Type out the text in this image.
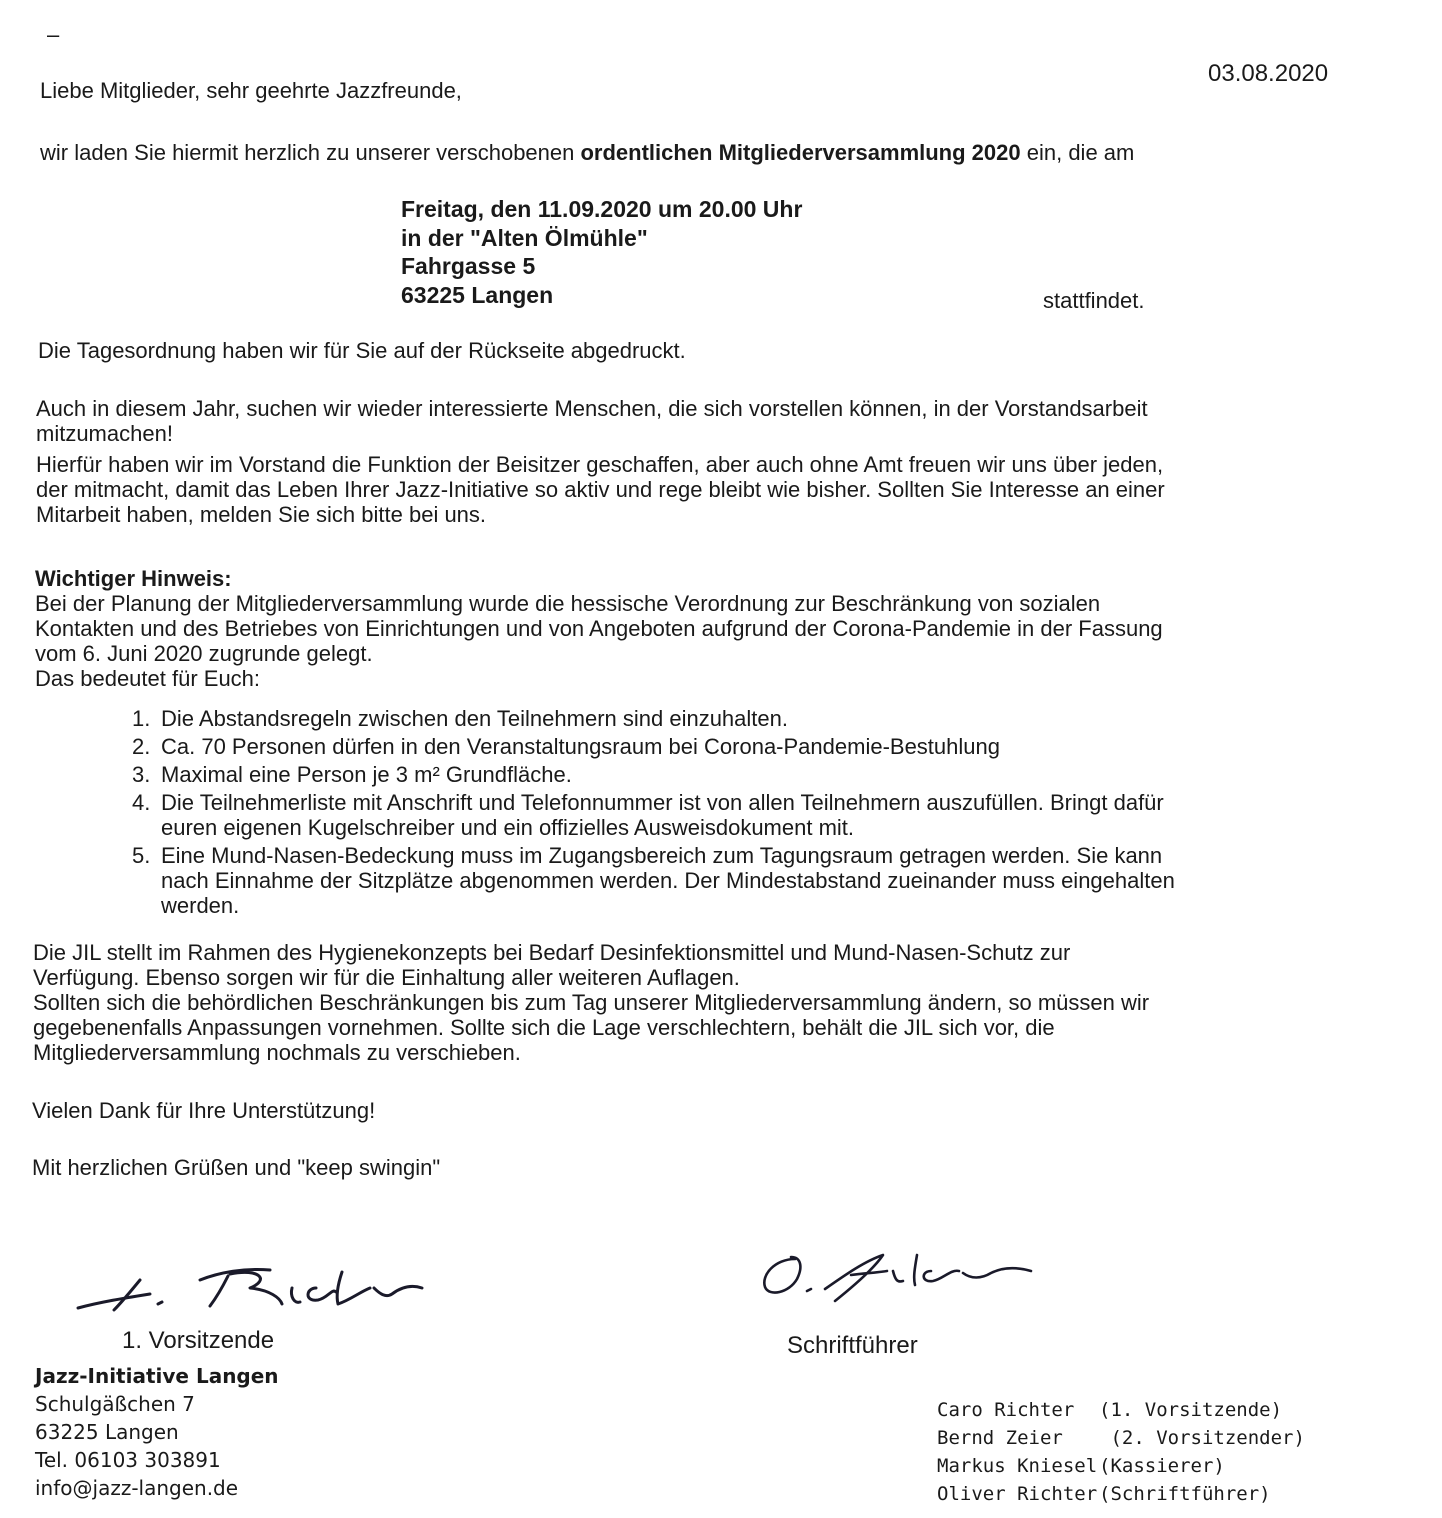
–
03.08.2020
Liebe Mitglieder, sehr geehrte Jazzfreunde,
wir laden Sie hiermit herzlich zu unserer verschobenen ordentlichen Mitgliederversammlung 2020 ein, die am
Freitag, den 11.09.2020 um 20.00 Uhr
in der "Alten Ölmühle"
Fahrgasse 5
63225 Langen	stattfindet.
Die Tagesordnung haben wir für Sie auf der Rückseite abgedruckt.
Auch in diesem Jahr, suchen wir wieder interessierte Menschen, die sich vorstellen können, in der Vorstandsarbeit
mitzumachen!
Hierfür haben wir im Vorstand die Funktion der Beisitzer geschaffen, aber auch ohne Amt freuen wir uns über jeden,
der mitmacht, damit das Leben Ihrer Jazz-Initiative so aktiv und rege bleibt wie bisher. Sollten Sie Interesse an einer
Mitarbeit haben, melden Sie sich bitte bei uns.
Wichtiger Hinweis:
Bei der Planung der Mitgliederversammlung wurde die hessische Verordnung zur Beschränkung von sozialen
Kontakten und des Betriebes von Einrichtungen und von Angeboten aufgrund der Corona-Pandemie in der Fassung
vom 6. Juni 2020 zugrunde gelegt.
Das bedeutet für Euch:
1. Die Abstandsregeln zwischen den Teilnehmern sind einzuhalten.
2. Ca. 70 Personen dürfen in den Veranstaltungsraum bei Corona-Pandemie-Bestuhlung
3. Maximal eine Person je 3 m² Grundfläche.
4. Die Teilnehmerliste mit Anschrift und Telefonnummer ist von allen Teilnehmern auszufüllen. Bringt dafür
euren eigenen Kugelschreiber und ein offizielles Ausweisdokument mit.
5. Eine Mund-Nasen-Bedeckung muss im Zugangsbereich zum Tagungsraum getragen werden. Sie kann
nach Einnahme der Sitzplätze abgenommen werden. Der Mindestabstand zueinander muss eingehalten
werden.
Die JIL stellt im Rahmen des Hygienekonzepts bei Bedarf Desinfektionsmittel und Mund-Nasen-Schutz zur
Verfügung. Ebenso sorgen wir für die Einhaltung aller weiteren Auflagen.
Sollten sich die behördlichen Beschränkungen bis zum Tag unserer Mitgliederversammlung ändern, so müssen wir
gegebenenfalls Anpassungen vornehmen. Sollte sich die Lage verschlechtern, behält die JIL sich vor, die
Mitgliederversammlung nochmals zu verschieben.
Vielen Dank für Ihre Unterstützung!
Mit herzlichen Grüßen und "keep swingin"
1. Vorsitzende	Schriftführer
Jazz-Initiative Langen
Schulgäßchen 7
63225 Langen
Tel. 06103 303891
info@jazz-langen.de
Caro Richter	(1. Vorsitzende)
Bernd Zeier	(2. Vorsitzender)
Markus Kniesel (Kassierer)
Oliver Richter (Schriftführer)
